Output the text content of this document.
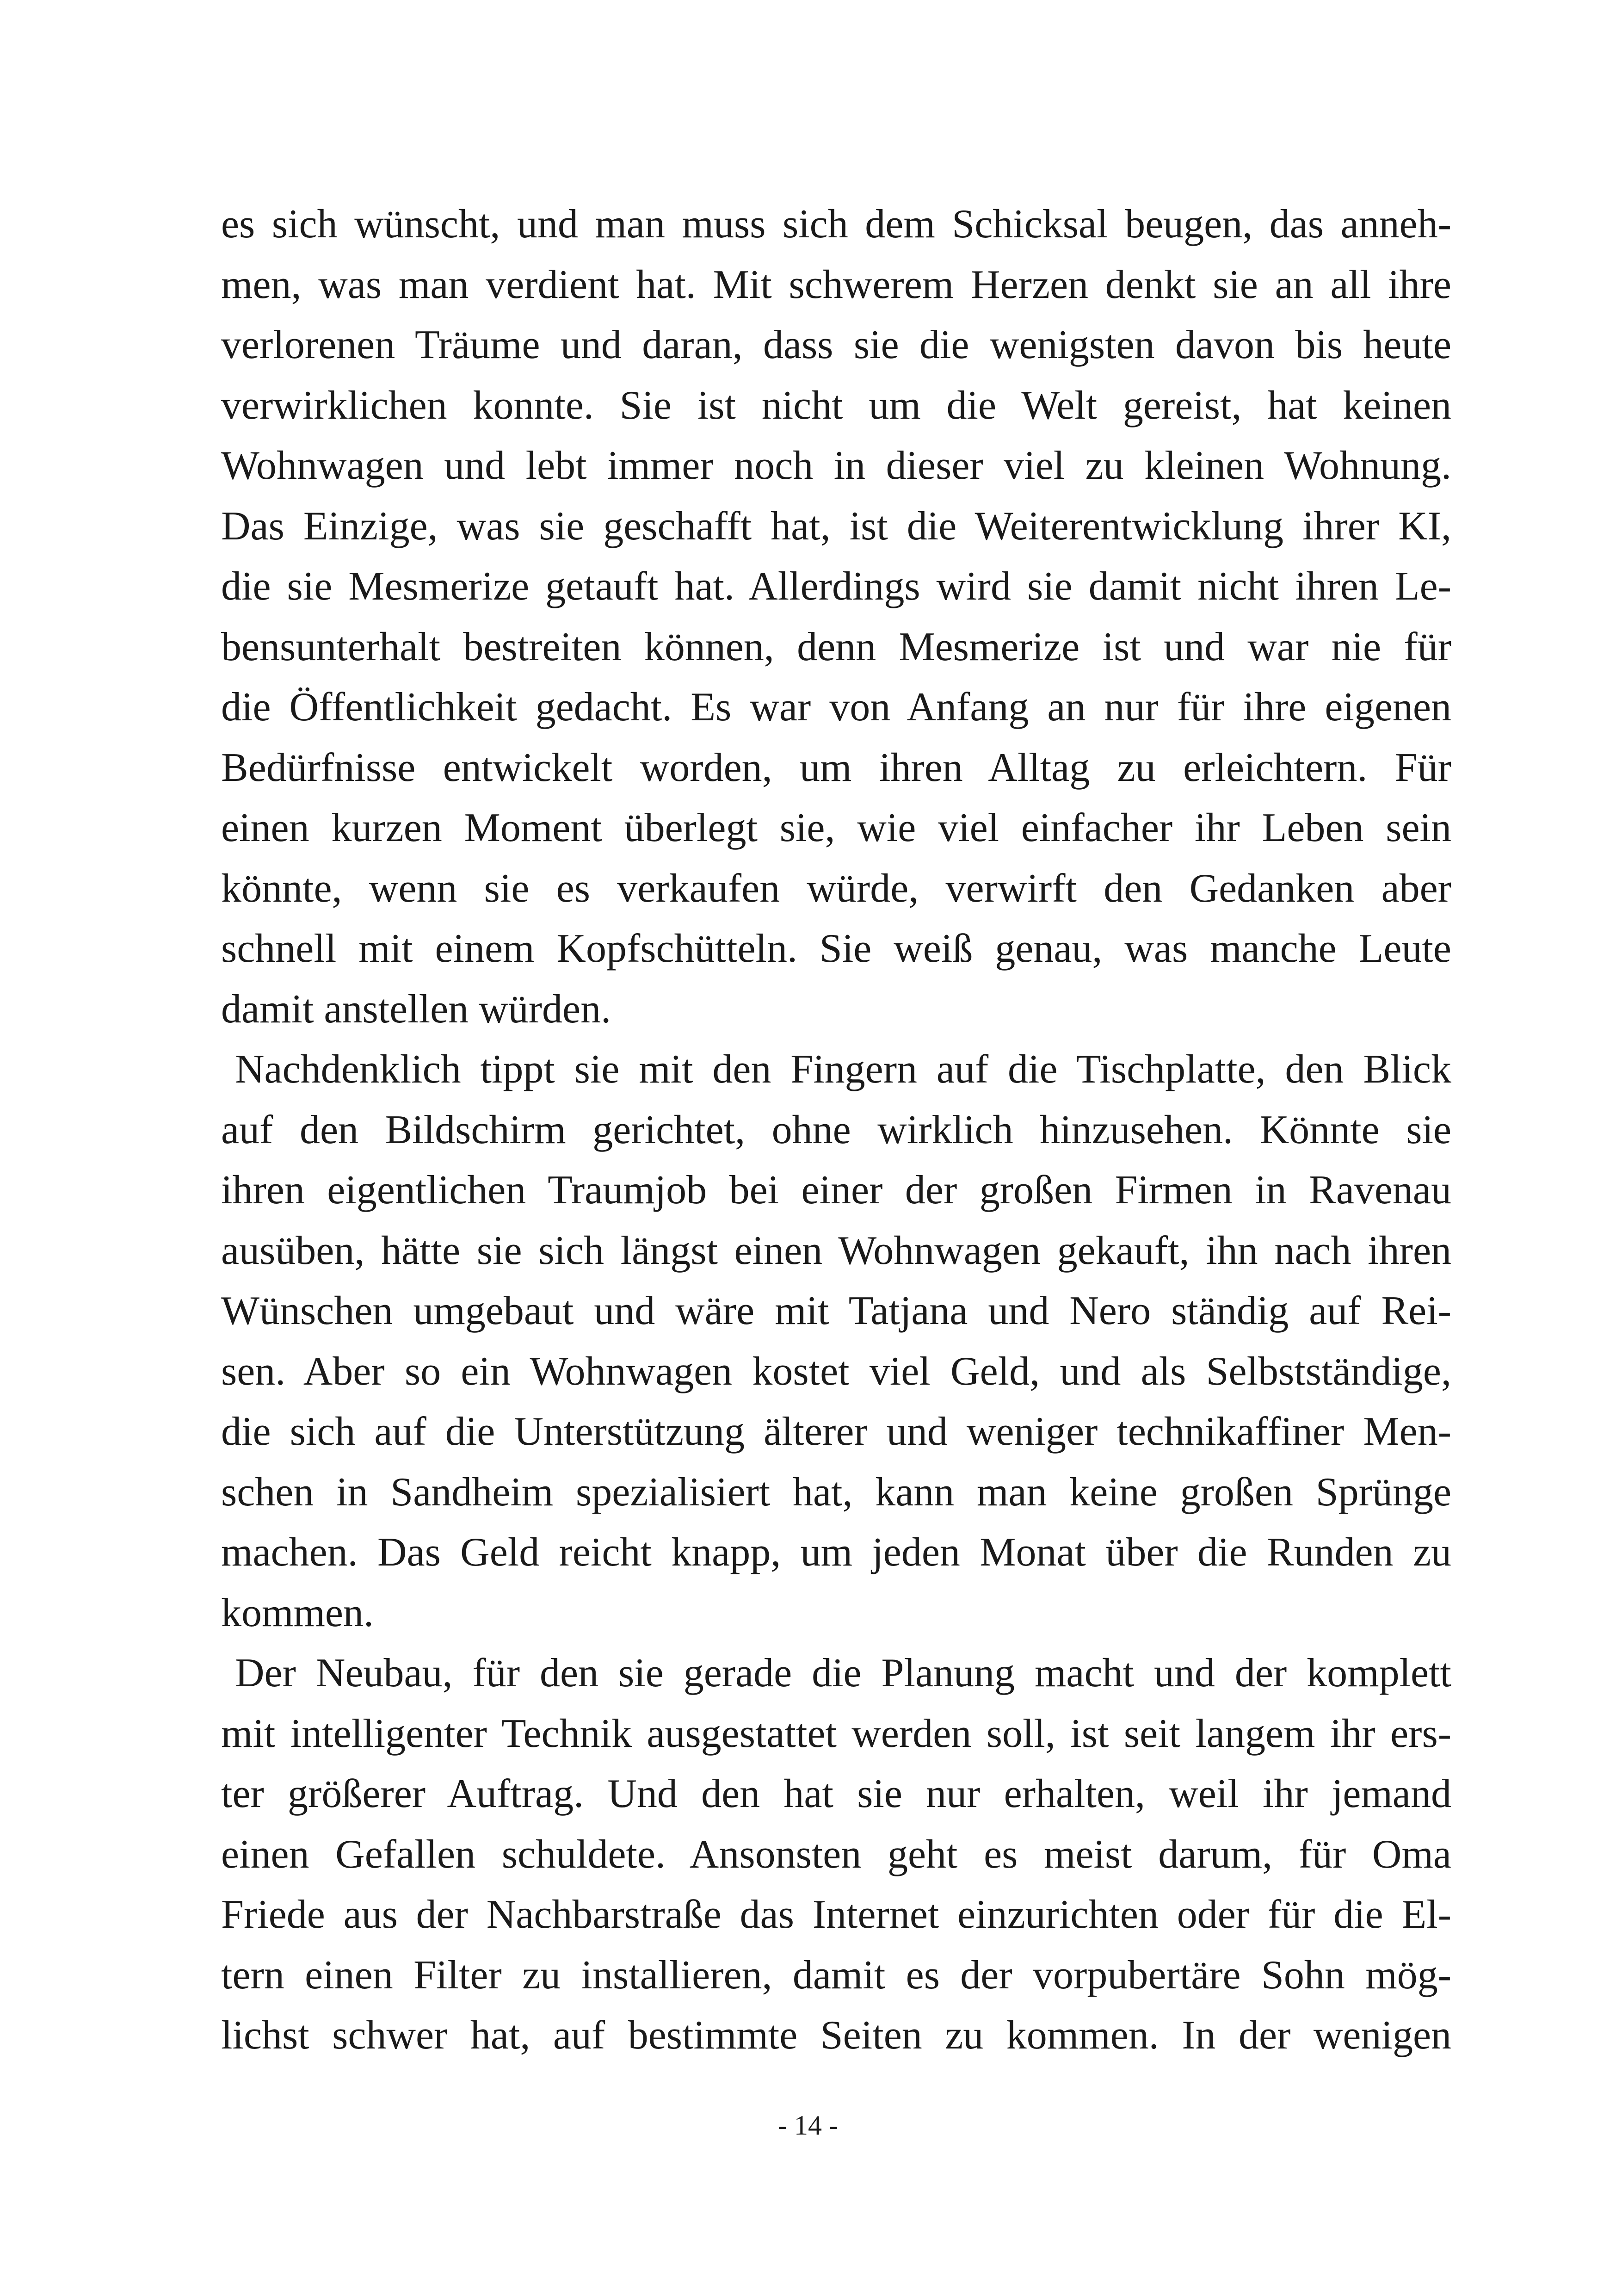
es sich wünscht, und man muss sich dem Schicksal beugen, das anneh-
men, was man verdient hat. Mit schwerem Herzen denkt sie an all ihre
verlorenen Träume und daran, dass sie die wenigsten davon bis heute
verwirklichen konnte. Sie ist nicht um die Welt gereist, hat keinen
Wohnwagen und lebt immer noch in dieser viel zu kleinen Wohnung.
Das Einzige, was sie geschafft hat, ist die Weiterentwicklung ihrer KI,
die sie Mesmerize getauft hat. Allerdings wird sie damit nicht ihren Le-
bensunterhalt bestreiten können, denn Mesmerize ist und war nie für
die Öffentlichkeit gedacht. Es war von Anfang an nur für ihre eigenen
Bedürfnisse entwickelt worden, um ihren Alltag zu erleichtern. Für
einen kurzen Moment überlegt sie, wie viel einfacher ihr Leben sein
könnte, wenn sie es verkaufen würde, verwirft den Gedanken aber
schnell mit einem Kopfschütteln. Sie weiß genau, was manche Leute
damit anstellen würden.
Nachdenklich tippt sie mit den Fingern auf die Tischplatte, den Blick
auf den Bildschirm gerichtet, ohne wirklich hinzusehen. Könnte sie
ihren eigentlichen Traumjob bei einer der großen Firmen in Ravenau
ausüben, hätte sie sich längst einen Wohnwagen gekauft, ihn nach ihren
Wünschen umgebaut und wäre mit Tatjana und Nero ständig auf Rei-
sen. Aber so ein Wohnwagen kostet viel Geld, und als Selbstständige,
die sich auf die Unterstützung älterer und weniger technikaffiner Men-
schen in Sandheim spezialisiert hat, kann man keine großen Sprünge
machen. Das Geld reicht knapp, um jeden Monat über die Runden zu
kommen.
Der Neubau, für den sie gerade die Planung macht und der komplett
mit intelligenter Technik ausgestattet werden soll, ist seit langem ihr ers-
ter größerer Auftrag. Und den hat sie nur erhalten, weil ihr jemand
einen Gefallen schuldete. Ansonsten geht es meist darum, für Oma
Friede aus der Nachbarstraße das Internet einzurichten oder für die El-
tern einen Filter zu installieren, damit es der vorpubertäre Sohn mög-
lichst schwer hat, auf bestimmte Seiten zu kommen. In der wenigen
- 14 -
